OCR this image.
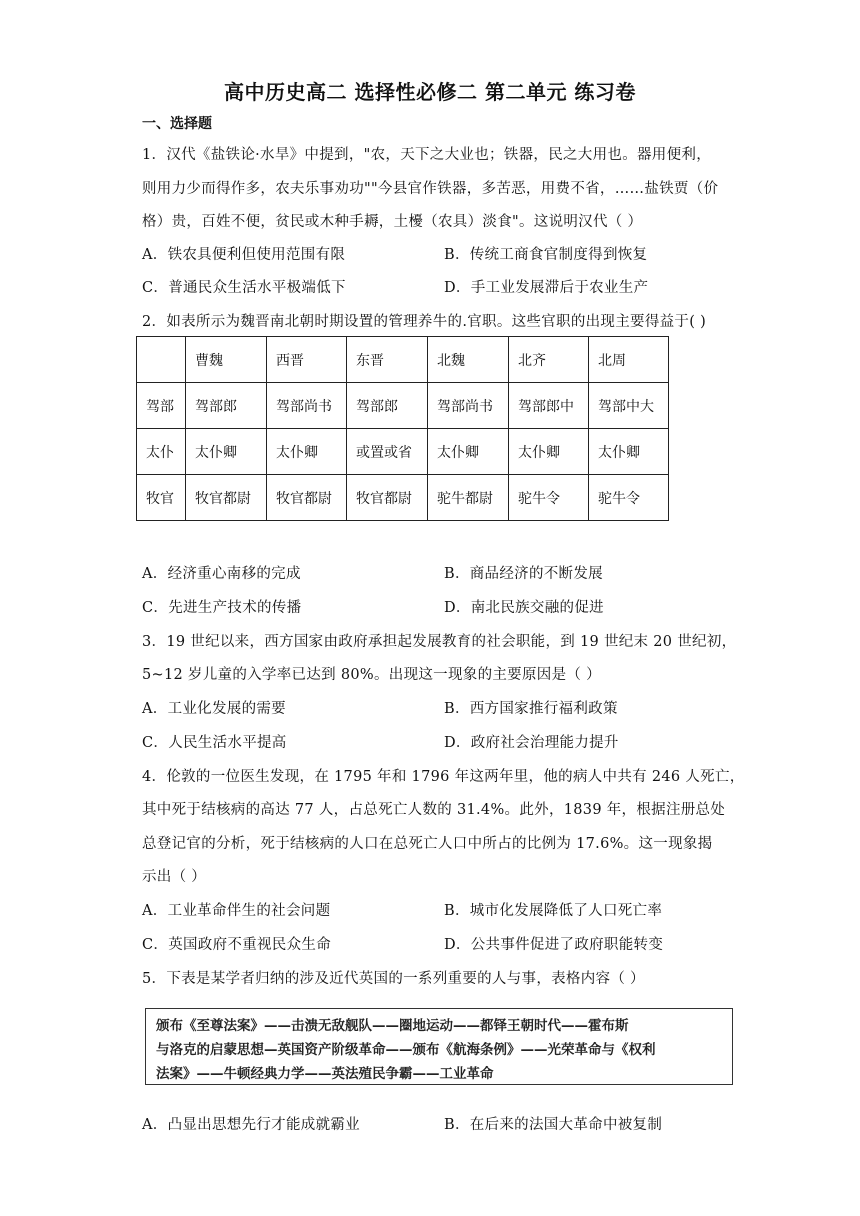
高中历史高二 选择性必修二 第二单元 练习卷
一、选择题
1．汉代《盐铁论·水旱》中提到，"农，天下之大业也；铁器，民之大用也。器用便利，
则用力少而得作多，农夫乐事劝功""今县官作铁器，多苦恶，用费不省，……盐铁贾（价
格）贵，百姓不便，贫民或木种手耨，土櫌（农具）淡食"。这说明汉代（ ）
A．铁农具便利但使用范围有限	B．传统工商食官制度得到恢复
C．普通民众生活水平极端低下	D．手工业发展滞后于农业生产
2．如表所示为魏晋南北朝时期设置的管理养牛的.官职。这些官职的出现主要得益于( )
	曹魏	西晋	东晋	北魏	北齐	北周
驾部	驾部郎	驾部尚书	驾部郎	驾部尚书	驾部郎中	驾部中大
太仆	太仆卿	太仆卿	或置或省	太仆卿	太仆卿	太仆卿
牧官	牧官都尉	牧官都尉	牧官都尉	驼牛都尉	驼牛令	驼牛令
A．经济重心南移的完成	B．商品经济的不断发展
C．先进生产技术的传播	D．南北民族交融的促进
3．19 世纪以来，西方国家由政府承担起发展教育的社会职能，到 19 世纪末 20 世纪初，
5~12 岁儿童的入学率已达到 80%。出现这一现象的主要原因是（ ）
A．工业化发展的需要	B．西方国家推行福利政策
C．人民生活水平提高	D．政府社会治理能力提升
4．伦敦的一位医生发现，在 1795 年和 1796 年这两年里，他的病人中共有 246 人死亡，
其中死于结核病的高达 77 人，占总死亡人数的 31.4%。此外，1839 年，根据注册总处
总登记官的分析，死于结核病的人口在总死亡人口中所占的比例为 17.6%。这一现象揭
示出（ ）
A．工业革命伴生的社会问题	B．城市化发展降低了人口死亡率
C．英国政府不重视民众生命	D．公共事件促进了政府职能转变
5．下表是某学者归纳的涉及近代英国的一系列重要的人与事，表格内容（ ）
颁布《至尊法案》——击溃无敌舰队——圈地运动——都铎王朝时代——霍布斯
与洛克的启蒙思想—英国资产阶级革命——颁布《航海条例》——光荣革命与《权利
法案》——牛顿经典力学——英法殖民争霸——工业革命
A．凸显出思想先行才能成就霸业	B．在后来的法国大革命中被复制
